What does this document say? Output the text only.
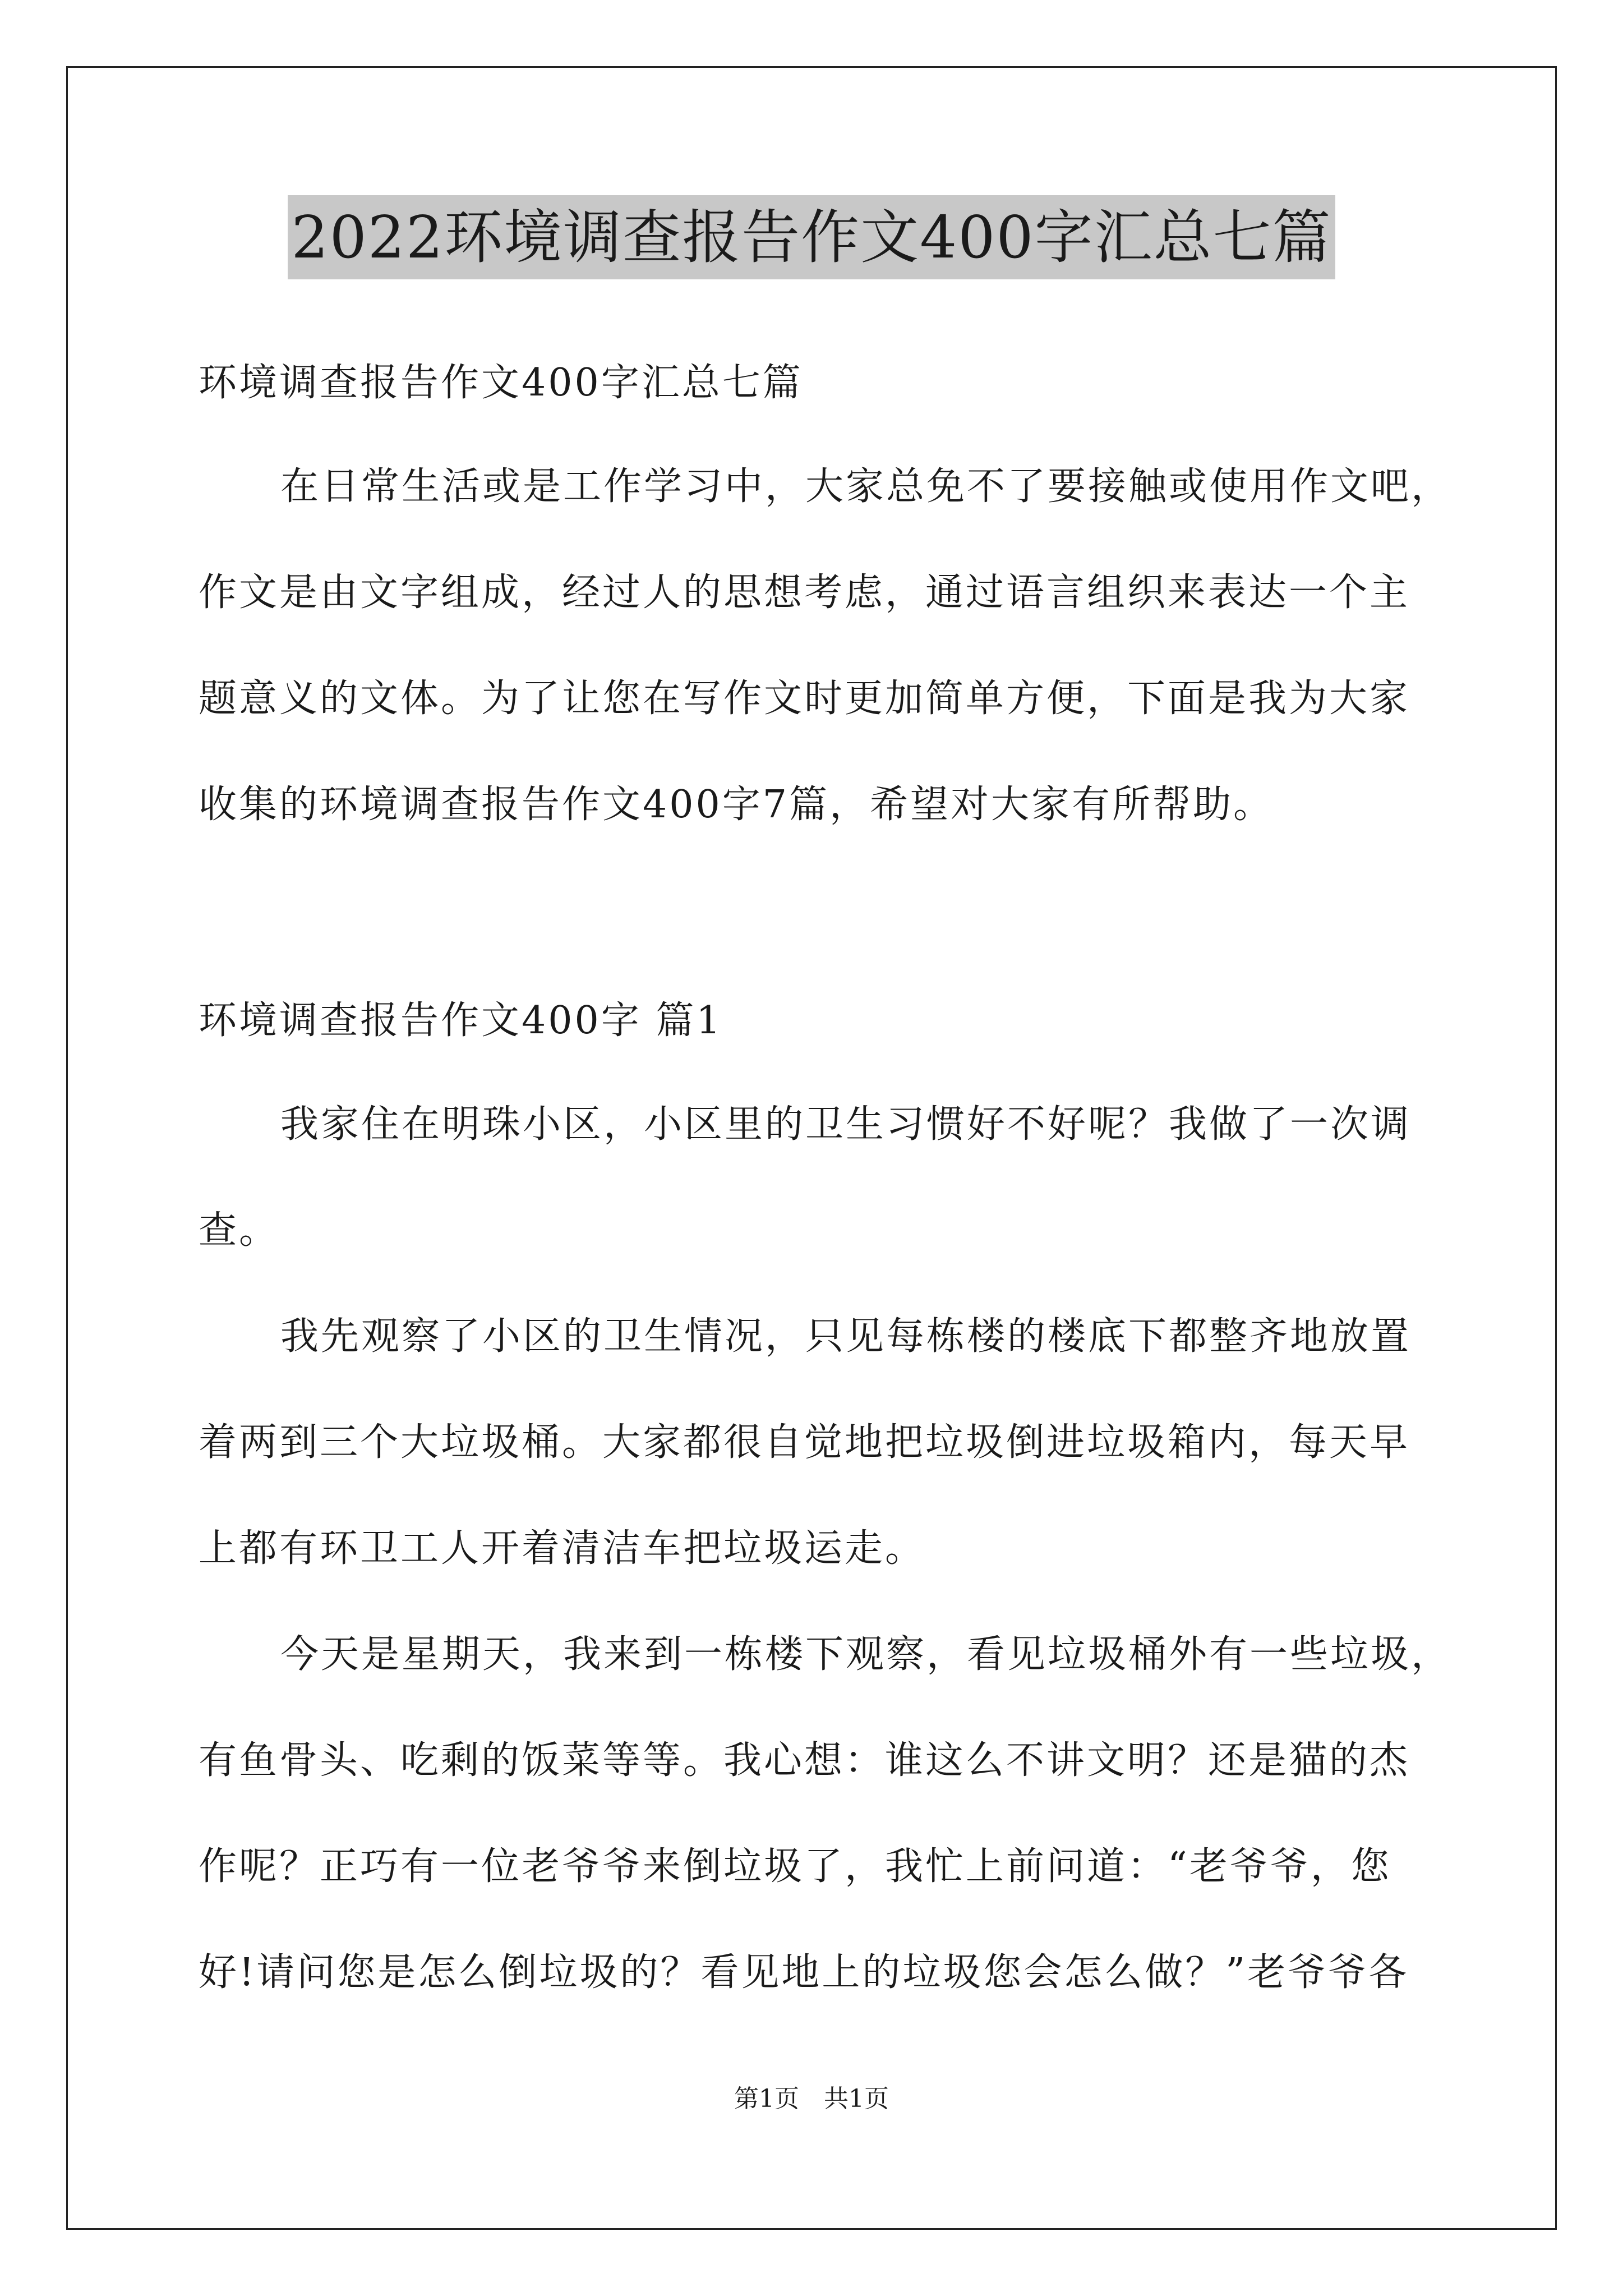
2022环境调查报告作文400字汇总七篇
环境调查报告作文400字汇总七篇
在日常生活或是工作学习中，大家总免不了要接触或使用作文吧，
作文是由文字组成，经过人的思想考虑，通过语言组织来表达一个主
题意义的文体。为了让您在写作文时更加简单方便，下面是我为大家
收集的环境调查报告作文400字7篇，希望对大家有所帮助。
环境调查报告作文400字 篇1
我家住在明珠小区，小区里的卫生习惯好不好呢？我做了一次调
查。
我先观察了小区的卫生情况，只见每栋楼的楼底下都整齐地放置
着两到三个大垃圾桶。大家都很自觉地把垃圾倒进垃圾箱内，每天早
上都有环卫工人开着清洁车把垃圾运走。
今天是星期天，我来到一栋楼下观察，看见垃圾桶外有一些垃圾，
有鱼骨头、吃剩的饭菜等等。我心想：谁这么不讲文明？还是猫的杰
作呢？正巧有一位老爷爷来倒垃圾了，我忙上前问道：“老爷爷，您
好!请问您是怎么倒垃圾的？看见地上的垃圾您会怎么做？”老爷爷各
第1页　共1页
